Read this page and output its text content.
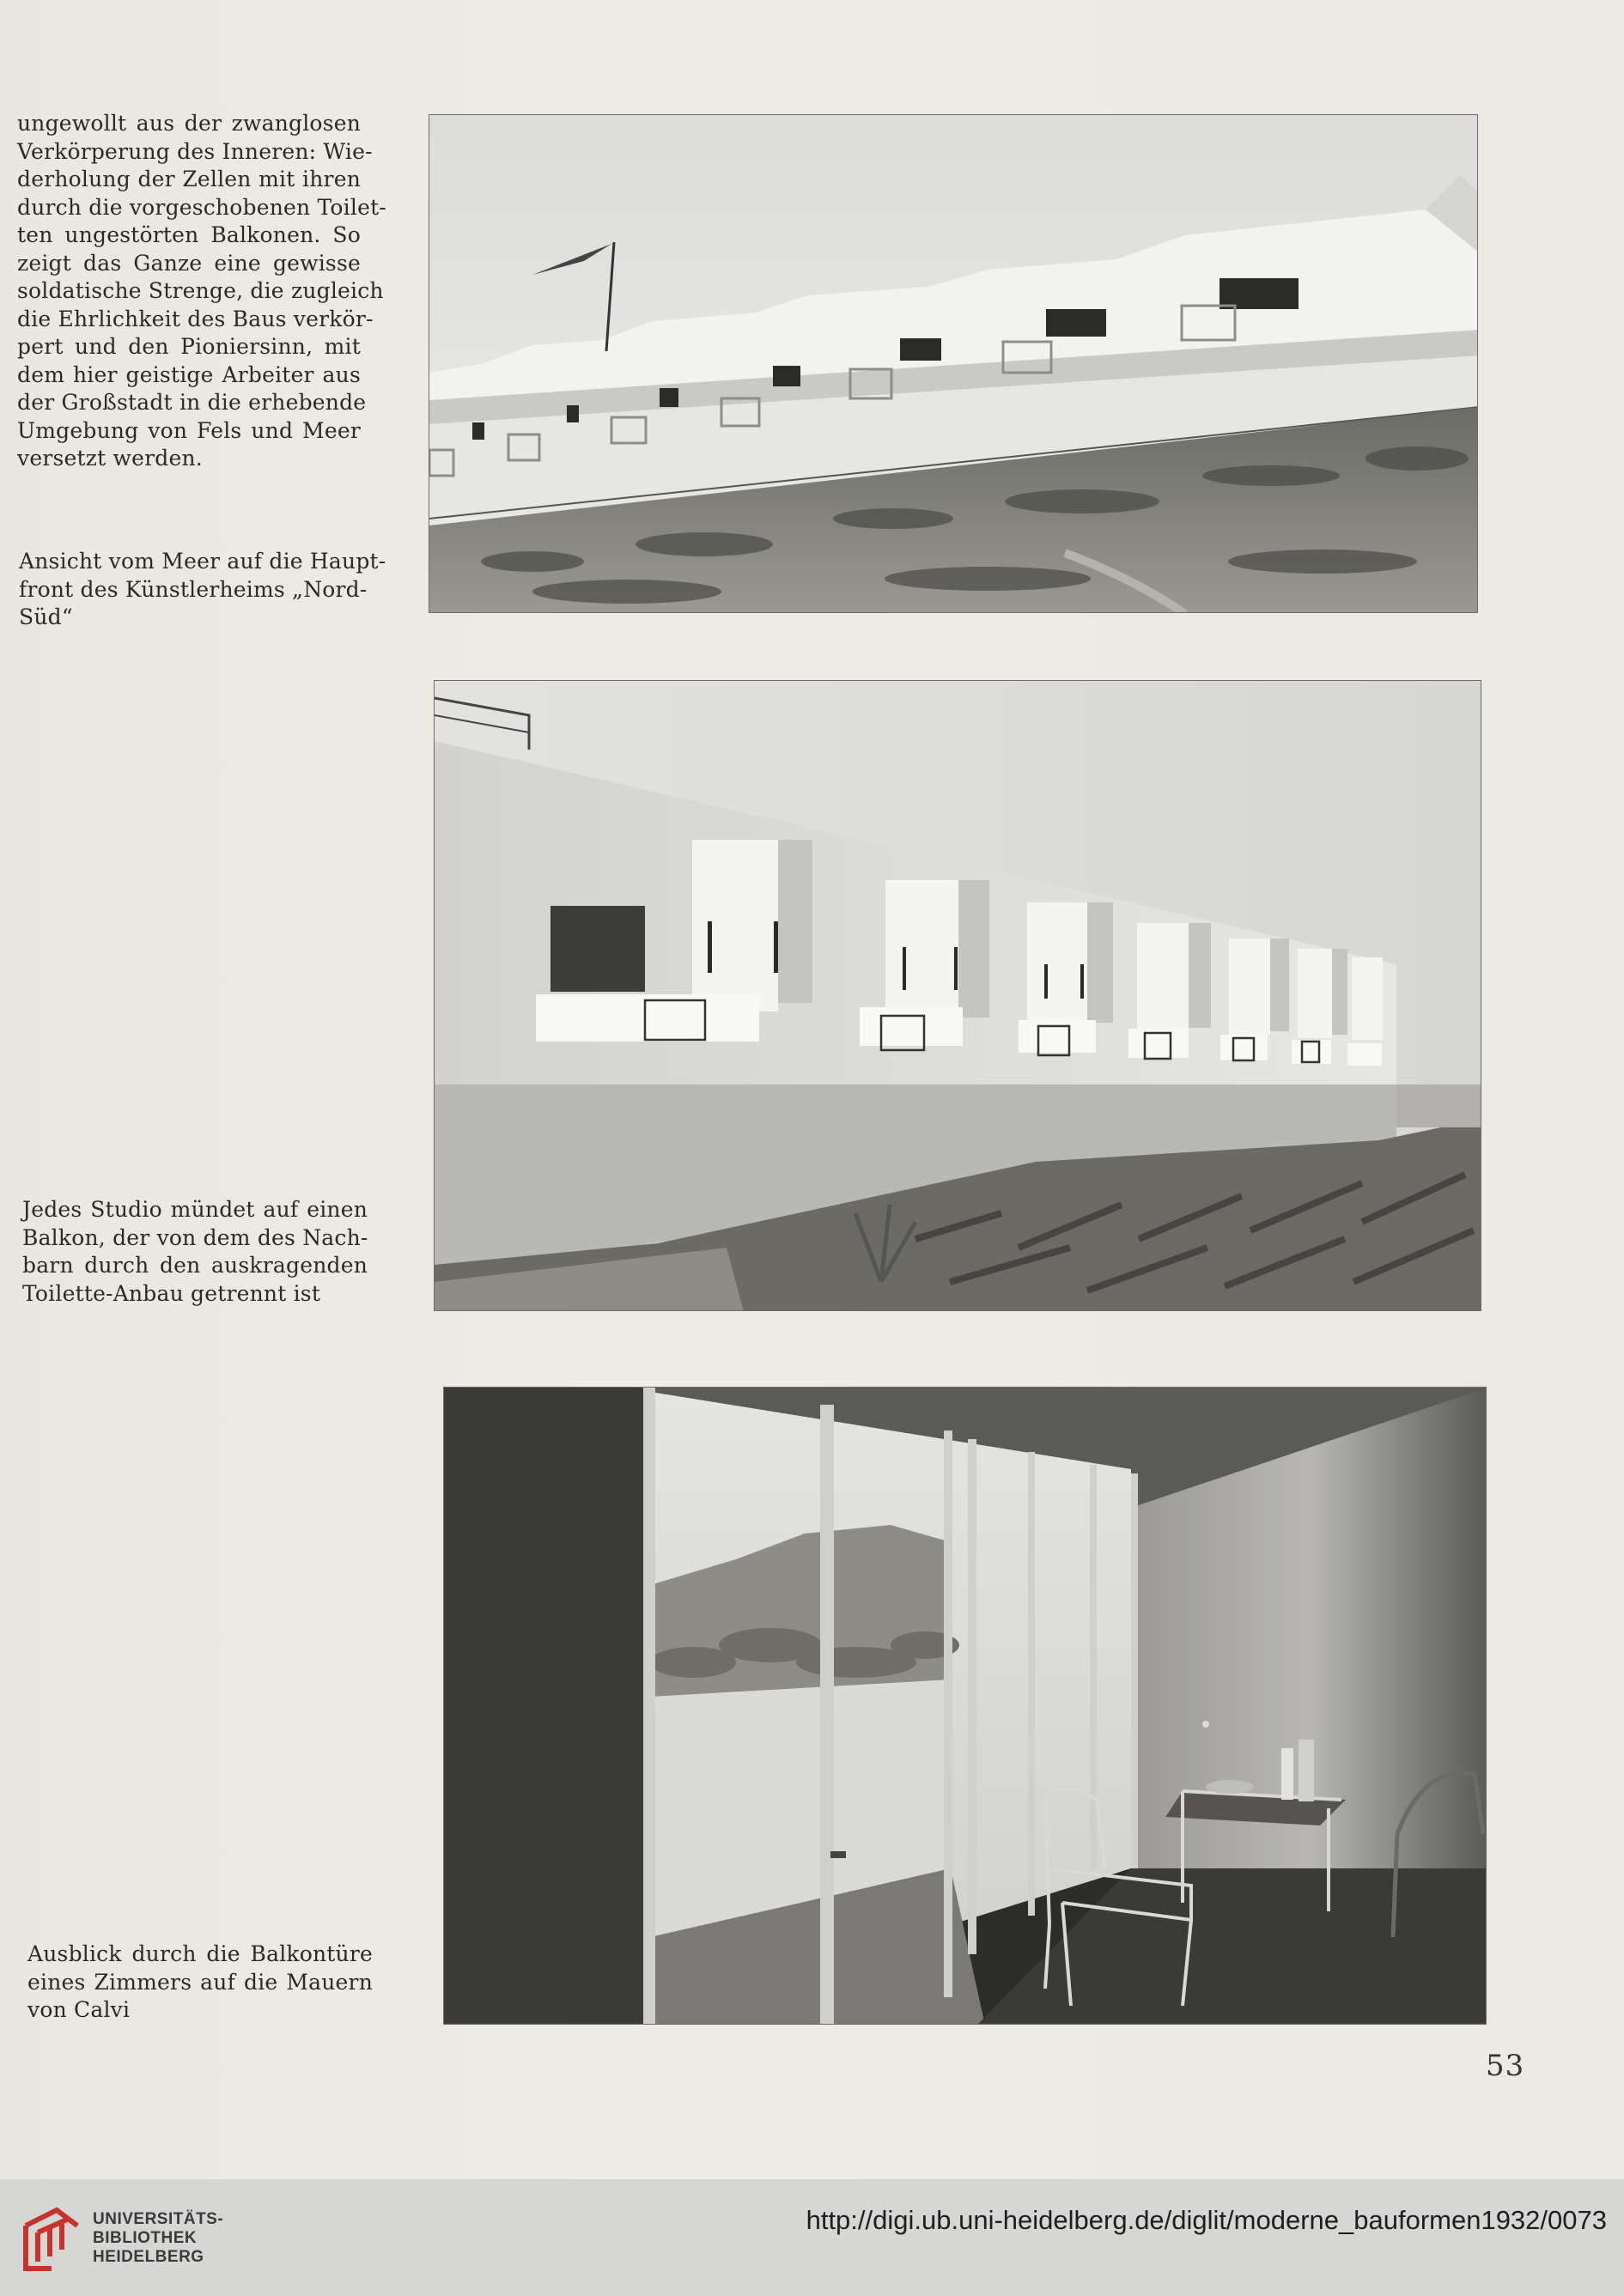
ungewollt aus der zwanglosen
Verkörperung des Inneren: Wie-
derholung der Zellen mit ihren
durch die vorgeschobenen Toilet-
ten ungestörten Balkonen. So
zeigt das Ganze eine gewisse
soldatische Strenge, die zugleich
die Ehrlichkeit des Baus verkör-
pert und den Pioniersinn, mit
dem hier geistige Arbeiter aus
der Großstadt in die erhebende
Umgebung von Fels und Meer
versetzt werden.
Ansicht vom Meer auf die Haupt-
front des Künstlerheims „Nord-
Süd“
Jedes Studio mündet auf einen
Balkon, der von dem des Nach-
barn durch den auskragenden
Toilette-Anbau getrennt ist
Ausblick durch die Balkontüre
eines Zimmers auf die Mauern
von Calvi
53
UNIVERSITÄTS-
BIBLIOTHEK
HEIDELBERG
http://digi.ub.uni-heidelberg.de/diglit/moderne_bauformen1932/0073
